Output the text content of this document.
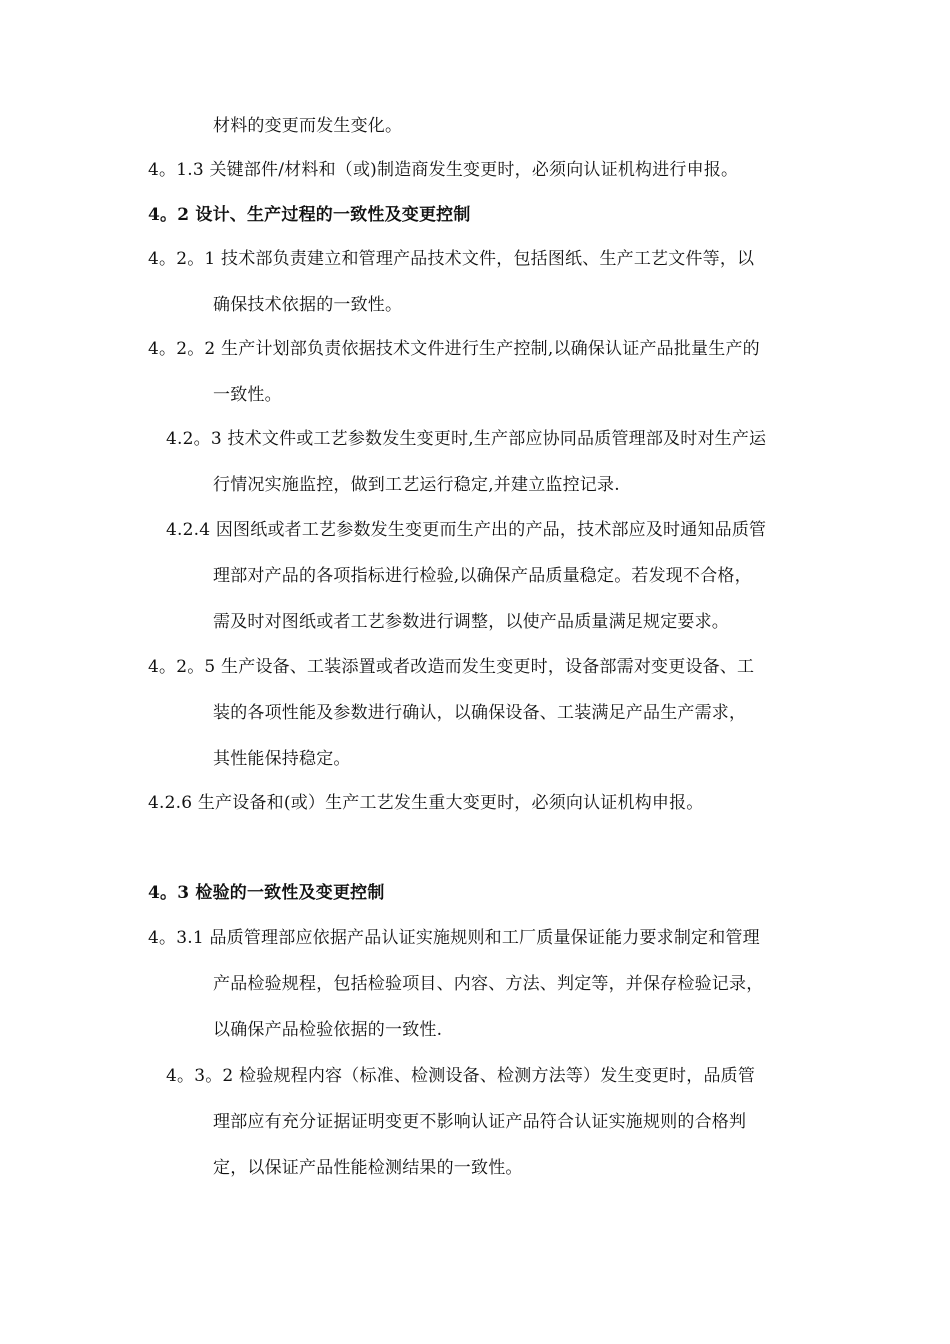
材料的变更而发生变化。
4。1.3 关键部件/材料和（或)制造商发生变更时，必须向认证机构进行申报。
4。2 设计、生产过程的一致性及变更控制
4。2。1 技术部负责建立和管理产品技术文件，包括图纸、生产工艺文件等，以
确保技术依据的一致性。
4。2。2 生产计划部负责依据技术文件进行生产控制,以确保认证产品批量生产的
一致性。
4.2。3 技术文件或工艺参数发生变更时,生产部应协同品质管理部及时对生产运
行情况实施监控，做到工艺运行稳定,并建立监控记录.
4.2.4 因图纸或者工艺参数发生变更而生产出的产品，技术部应及时通知品质管
理部对产品的各项指标进行检验,以确保产品质量稳定。若发现不合格，
需及时对图纸或者工艺参数进行调整，以使产品质量满足规定要求。
4。2。5 生产设备、工装添置或者改造而发生变更时，设备部需对变更设备、工
装的各项性能及参数进行确认，以确保设备、工装满足产品生产需求，
其性能保持稳定。
4.2.6 生产设备和(或）生产工艺发生重大变更时，必须向认证机构申报。
4。3 检验的一致性及变更控制
4。3.1 品质管理部应依据产品认证实施规则和工厂质量保证能力要求制定和管理
产品检验规程，包括检验项目、内容、方法、判定等，并保存检验记录，
以确保产品检验依据的一致性.
4。3。2 检验规程内容（标准、检测设备、检测方法等）发生变更时，品质管
理部应有充分证据证明变更不影响认证产品符合认证实施规则的合格判
定，以保证产品性能检测结果的一致性。
